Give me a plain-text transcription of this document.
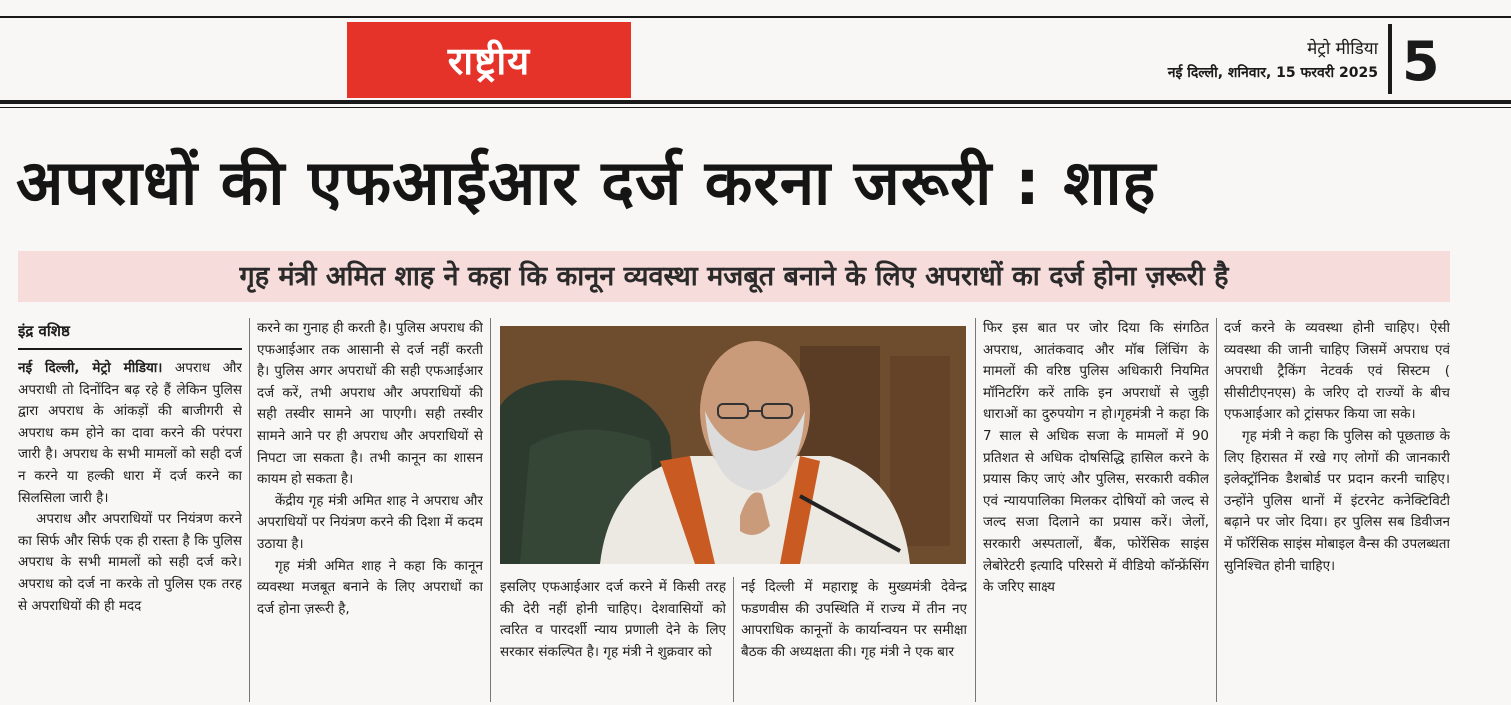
राष्ट्रीय	मेट्रो मीडिया
नई दिल्ली, शनिवार, 15 फरवरी 2025 5
अपराधों की एफआईआर दर्ज करना जरूरी : शाह
गृह मंत्री अमित शाह ने कहा कि कानून व्यवस्था मजबूत बनाने के लिए अपराधों का दर्ज होना ज़रूरी है
इंद्र वशिष्ठ

नई दिल्ली, मेट्रो मीडिया। अपराध और अपराधी तो दिनोंदिन बढ़ रहे हैं लेकिन पुलिस द्वारा अपराध के आंकड़ों की बाजीगरी से अपराध कम होने का दावा करने की परंपरा जारी है। अपराध के सभी मामलों को सही दर्ज न करने या हल्की धारा में दर्ज करने का सिलसिला जारी है।

अपराध और अपराधियों पर नियंत्रण करने का सिर्फ और सिर्फ एक ही रास्ता है कि पुलिस अपराध के सभी मामलों को सही दर्ज करे। अपराध को दर्ज ना करके तो पुलिस एक तरह से अपराधियों की ही मदद

करने का गुनाह ही करती है। पुलिस अपराध की एफआईआर तक आसानी से दर्ज नहीं करती है। पुलिस अगर अपराधों की सही एफआईआर दर्ज करें, तभी अपराध और अपराधियों की सही तस्वीर सामने आ पाएगी। सही तस्वीर सामने आने पर ही अपराध और अपराधियों से निपटा जा सकता है। तभी कानून का शासन कायम हो सकता है।

केंद्रीय गृह मंत्री अमित शाह ने अपराध और अपराधियों पर नियंत्रण करने की दिशा में कदम उठाया है।

गृह मंत्री अमित शाह ने कहा कि कानून व्यवस्था मजबूत बनाने के लिए अपराधों का दर्ज होना ज़रूरी है,

इसलिए एफआईआर दर्ज करने में किसी तरह की देरी नहीं होनी चाहिए। देशवासियों को त्वरित व पारदर्शी न्याय प्रणाली देने के लिए सरकार संकल्पित है। गृह मंत्री ने शुक्रवार को

नई दिल्ली में महाराष्ट्र के मुख्यमंत्री देवेन्द्र फडणवीस की उपस्थिति में राज्य में तीन नए आपराधिक कानूनों के कार्यान्वयन पर समीक्षा बैठक की अध्यक्षता की। गृह मंत्री ने एक बार

फिर इस बात पर जोर दिया कि संगठित अपराध, आतंकवाद और मॉब लिंचिंग के मामलों की वरिष्ठ पुलिस अधिकारी नियमित मॉनिटरिंग करें ताकि इन अपराधों से जुड़ी धाराओं का दुरुपयोग न हो।गृहमंत्री ने कहा कि 7 साल से अधिक सजा के मामलों में 90 प्रतिशत से अधिक दोषसिद्धि हासिल करने के प्रयास किए जाएं और पुलिस, सरकारी वकील एवं न्यायपालिका मिलकर दोषियों को जल्द से जल्द सजा दिलाने का प्रयास करें। जेलों, सरकारी अस्पतालों, बैंक, फोरेंसिक साइंस लेबोरेटरी इत्यादि परिसरो में वीडियो कॉन्फ्रेंसिंग के जरिए साक्ष्य

दर्ज करने के व्यवस्था होनी चाहिए। ऐसी व्यवस्था की जानी चाहिए जिसमें अपराध एवं अपराधी ट्रैकिंग नेटवर्क एवं सिस्टम ( सीसीटीएनएस) के जरिए दो राज्यों के बीच एफआईआर को ट्रांसफर किया जा सके।

गृह मंत्री ने कहा कि पुलिस को पूछताछ के लिए हिरासत में रखे गए लोगों की जानकारी इलेक्ट्रॉनिक डैशबोर्ड पर प्रदान करनी चाहिए। उन्होंने पुलिस थानों में इंटरनेट कनेक्टिविटी बढ़ाने पर जोर दिया। हर पुलिस सब डिवीजन में फॉरेंसिक साइंस मोबाइल वैन्स की उपलब्धता सुनिश्चित होनी चाहिए।
